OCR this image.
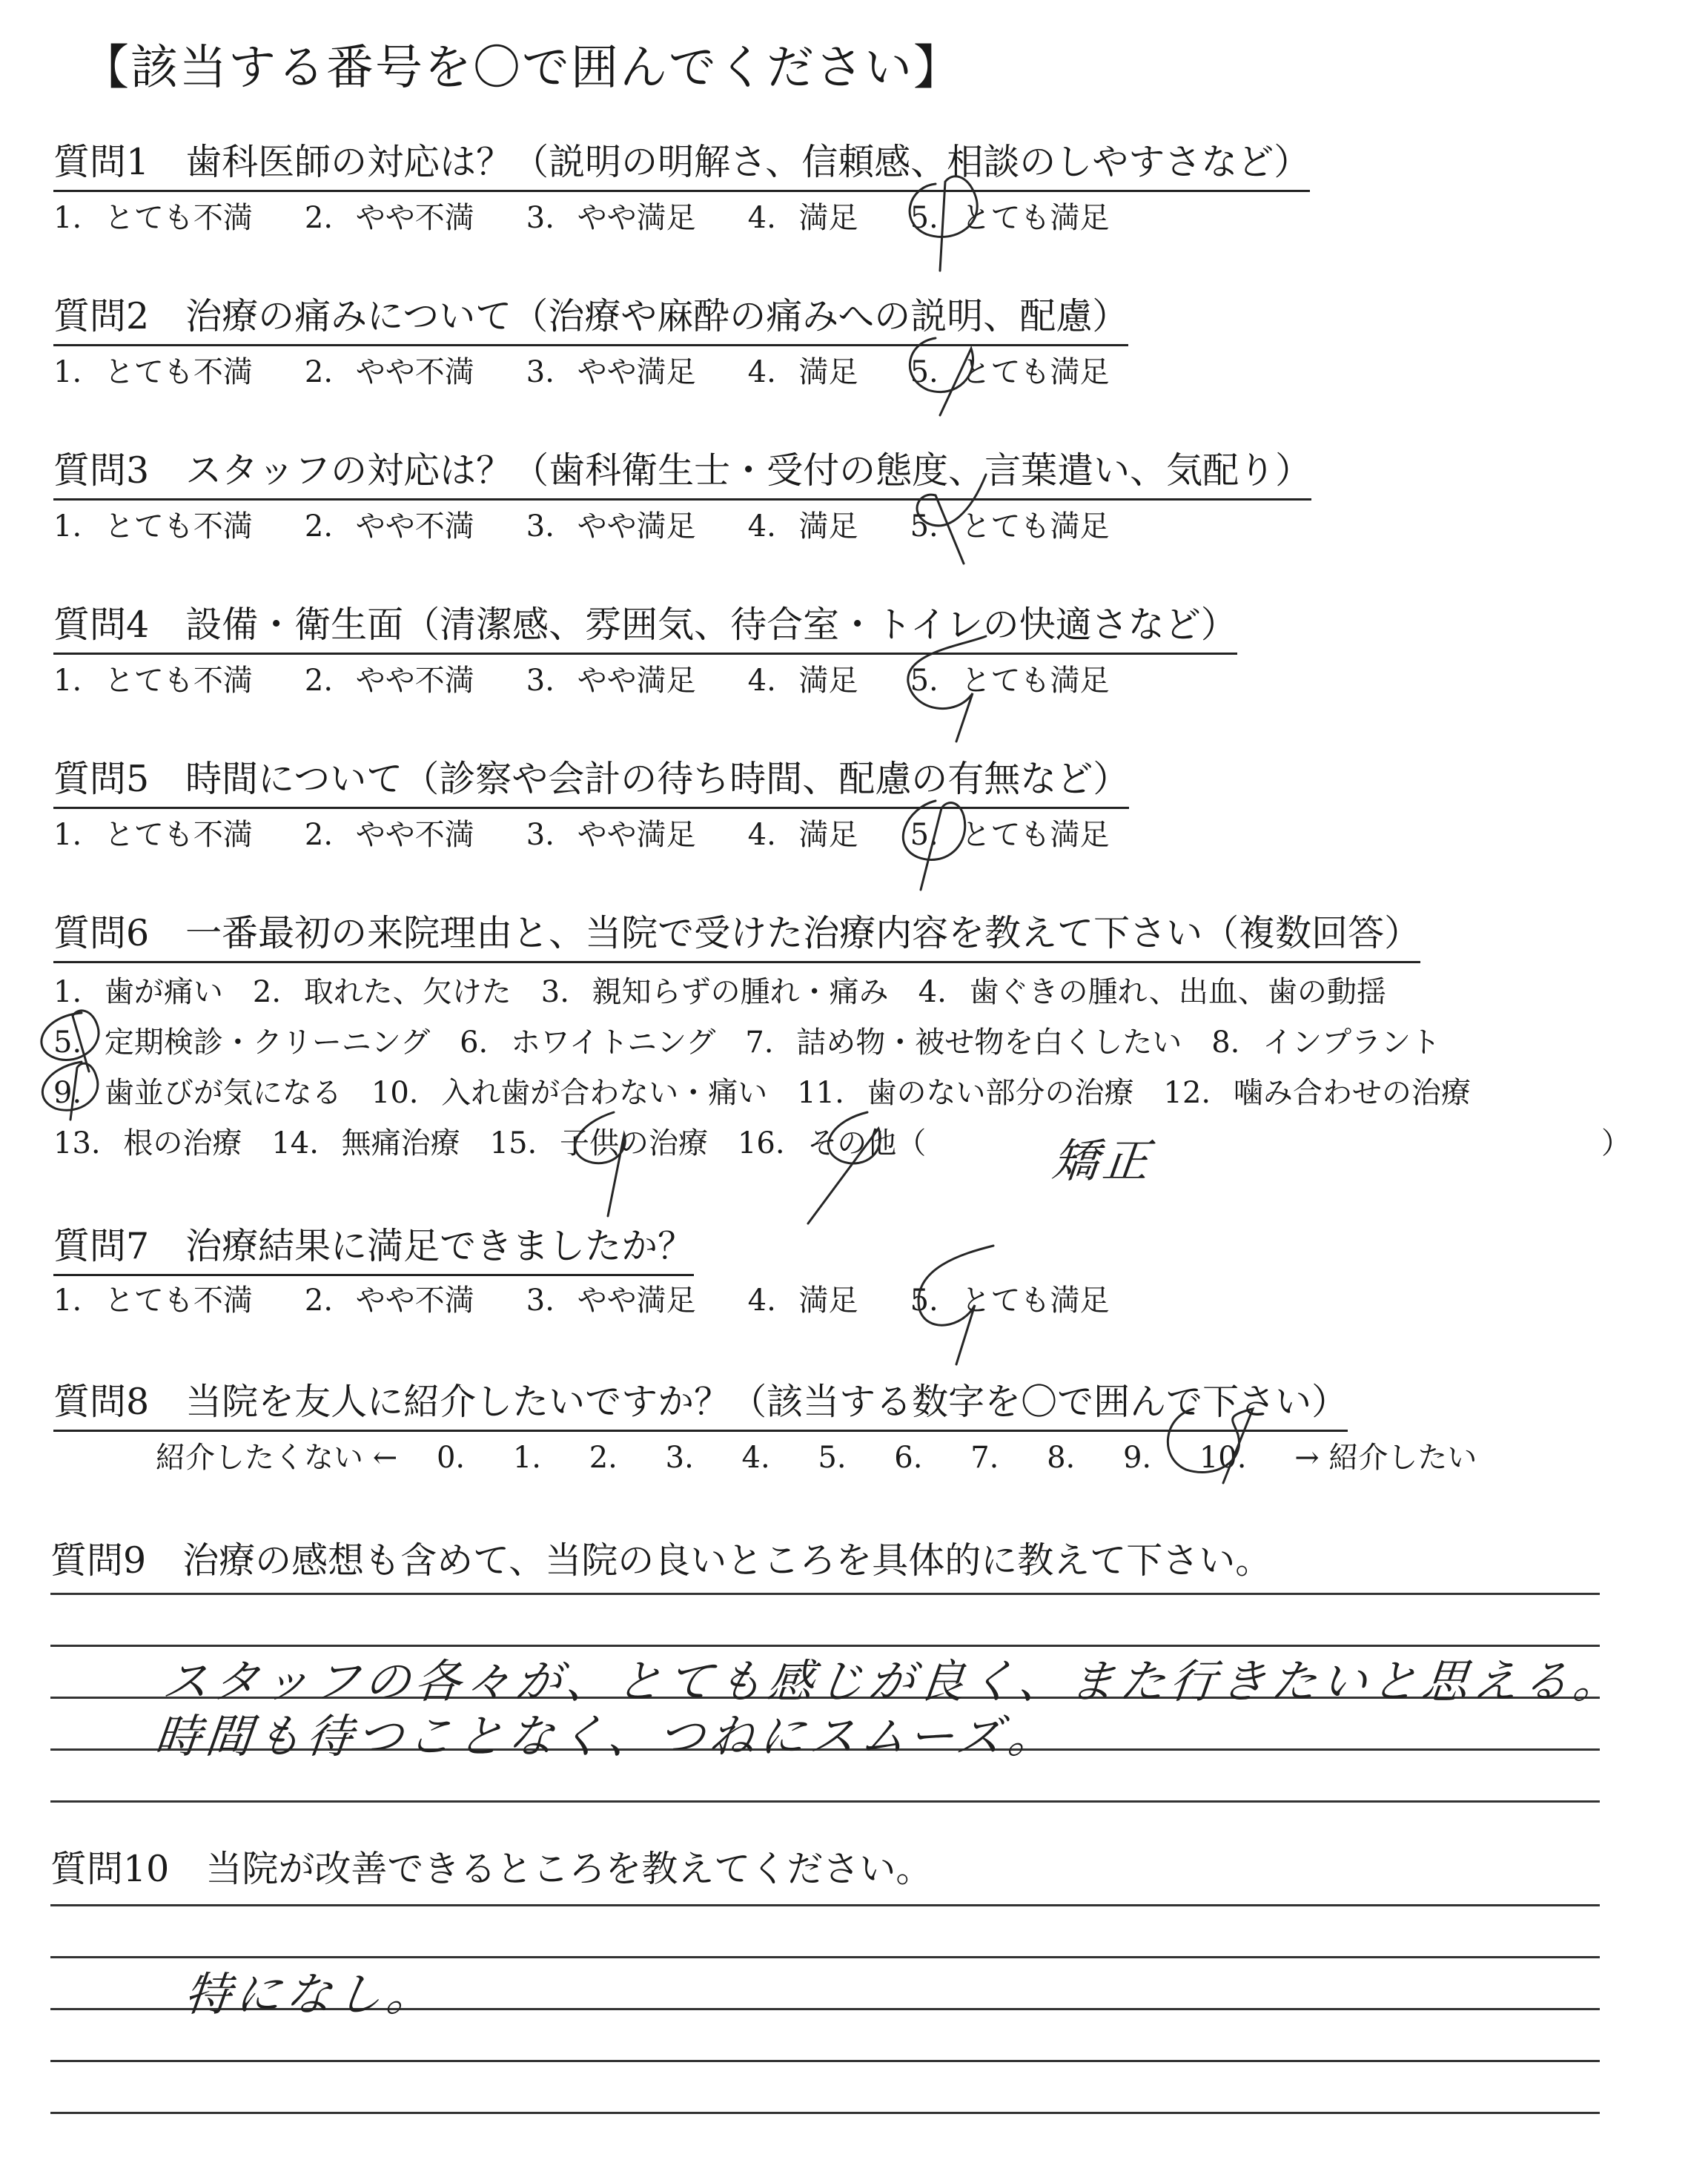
【該当する番号を〇で囲んでください】
質問1　歯科医師の対応は？（説明の明解さ、信頼感、相談のしやすさなど）
1. とても不満 2. やや不満 3. やや満足 4. 満足 5. とても満足
質問2　治療の痛みについて（治療や麻酔の痛みへの説明、配慮）
1. とても不満 2. やや不満 3. やや満足 4. 満足 5. とても満足
質問3　スタッフの対応は？（歯科衛生士・受付の態度、言葉遣い、気配り）
1. とても不満 2. やや不満 3. やや満足 4. 満足 5. とても満足
質問4　設備・衛生面（清潔感、雰囲気、待合室・トイレの快適さなど）
1. とても不満 2. やや不満 3. やや満足 4. 満足 5. とても満足
質問5　時間について（診察や会計の待ち時間、配慮の有無など）
1. とても不満 2. やや不満 3. やや満足 4. 満足 5. とても満足
質問6　一番最初の来院理由と、当院で受けた治療内容を教えて下さい（複数回答）
1. 歯が痛い　2. 取れた、欠けた　3. 親知らずの腫れ・痛み　4. 歯ぐきの腫れ、出血、歯の動揺
5. 定期検診・クリーニング　6. ホワイトニング　7. 詰め物・被せ物を白くしたい　8. インプラント
9. 歯並びが気になる　10. 入れ歯が合わない・痛い　11. 歯のない部分の治療　12. 噛み合わせの治療
13. 根の治療　14. 無痛治療　15. 子供の治療　16. その他（	）
矯正
質問7　治療結果に満足できましたか？
1. とても不満 2. やや不満 3. やや満足 4. 満足 5. とても満足
質問8　当院を友人に紹介したいですか？（該当する数字を〇で囲んで下さい）
紹介したくない ← 0. 1. 2. 3. 4. 5. 6. 7. 8. 9. 10. → 紹介したい
質問9　治療の感想も含めて、当院の良いところを具体的に教えて下さい。
スタッフの各々が、とても感じが良く、また行きたいと思える。
時間も待つことなく、つねにスムーズ。
質問10　当院が改善できるところを教えてください。
特になし。
